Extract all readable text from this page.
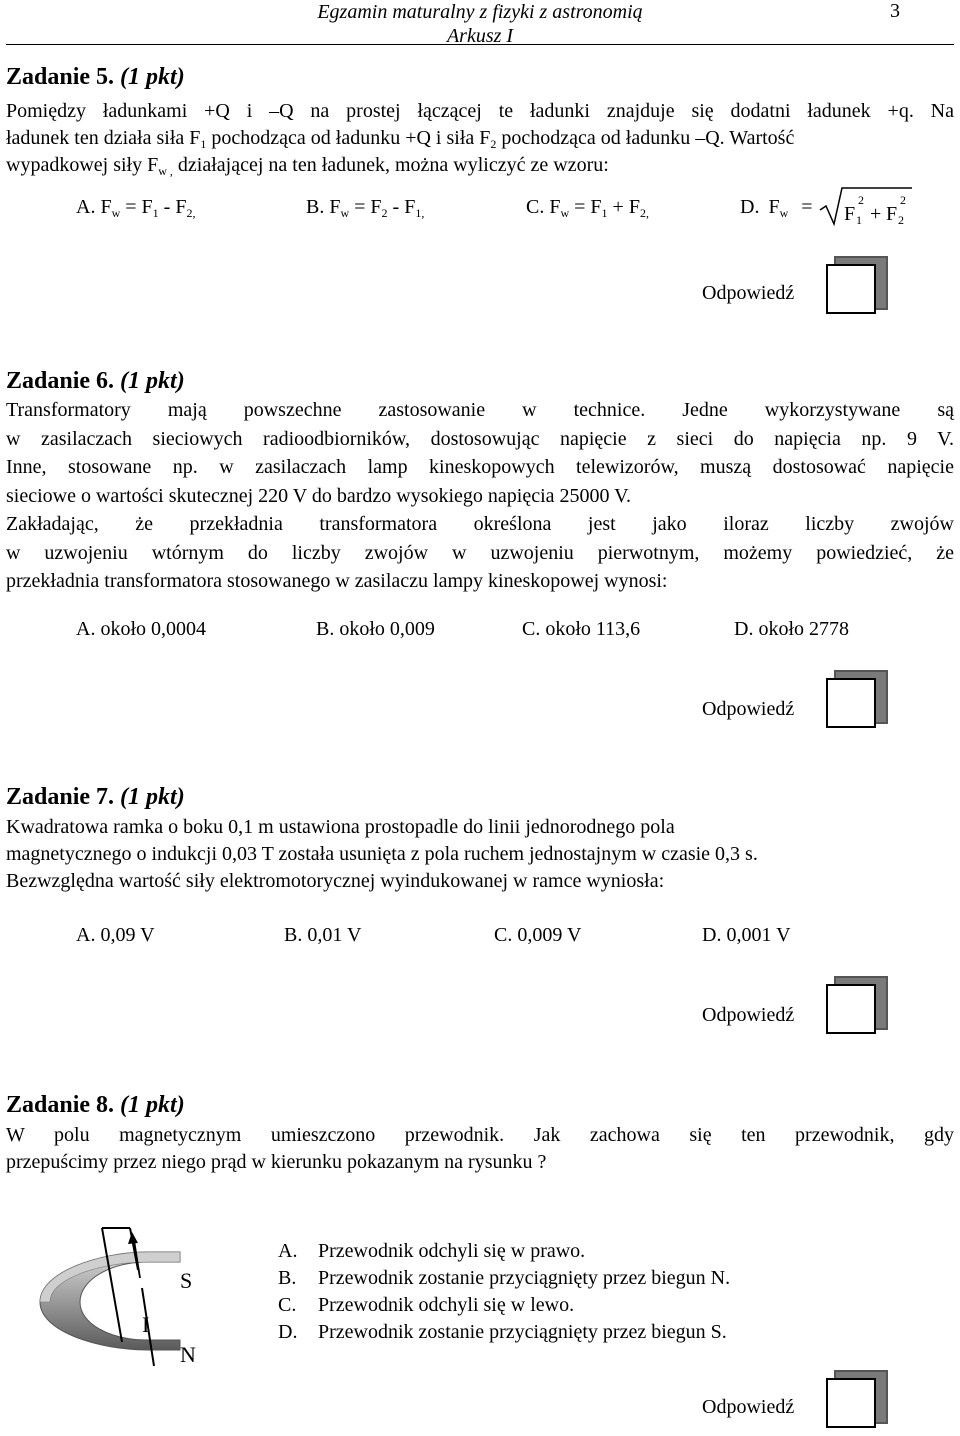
Egzamin maturalny z fizyki z astronomią
Arkusz I
3
Zadanie 5. (1 pkt)
Pomiędzy ładunkami +Q i –Q na prostej łączącej te ładunki znajduje się dodatni ładunek +q. Na
ładunek ten działa siła $F_1$ pochodząca od ładunku +Q i siła $F_2$ pochodząca od ładunku –Q. Wartość
wypadkowej siły $F_{w ,}$ działającej na ten ładunek, można wyliczyć ze wzoru:
A. $F_w = F_1 - F_{2,}$	B. $F_w = F_2 - F_{1,}$	C. $F_w = F_1 + F_{2,}$	D. $F_w = F$ 1
2
+ F 2
2
Odpowiedź
Zadanie 6. (1 pkt)
Transformatory mają powszechne zastosowanie w technice. Jedne wykorzystywane są
w zasilaczach sieciowych radioodbiorników, dostosowując napięcie z sieci do napięcia np. 9 V.
Inne, stosowane np. w zasilaczach lamp kineskopowych telewizorów, muszą dostosować napięcie
sieciowe o wartości skutecznej 220 V do bardzo wysokiego napięcia 25000 V.
Zakładając, że przekładnia transformatora określona jest jako iloraz liczby zwojów
w uzwojeniu wtórnym do liczby zwojów w uzwojeniu pierwotnym, możemy powiedzieć, że
przekładnia transformatora stosowanego w zasilaczu lampy kineskopowej wynosi:
A. około 0,0004	B. około 0,009	C. około 113,6	D. około 2778
Odpowiedź
Zadanie 7. (1 pkt)
Kwadratowa ramka o boku 0,1 m ustawiona prostopadle do linii jednorodnego pola
magnetycznego o indukcji 0,03 T została usunięta z pola ruchem jednostajnym w czasie 0,3 s.
Bezwzględna wartość siły elektromotorycznej wyindukowanej w ramce wyniosła:
A. 0,09 V	B. 0,01 V	C. 0,009 V	D. 0,001 V
Odpowiedź
Zadanie 8. (1 pkt)
W polu magnetycznym umieszczono przewodnik. Jak zachowa się ten przewodnik, gdy
przepuścimy przez niego prąd w kierunku pokazanym na rysunku ?
S
I
N
A. Przewodnik odchyli się w prawo.
B. Przewodnik zostanie przyciągnięty przez biegun N.
C. Przewodnik odchyli się w lewo.
D. Przewodnik zostanie przyciągnięty przez biegun S.
Odpowiedź
